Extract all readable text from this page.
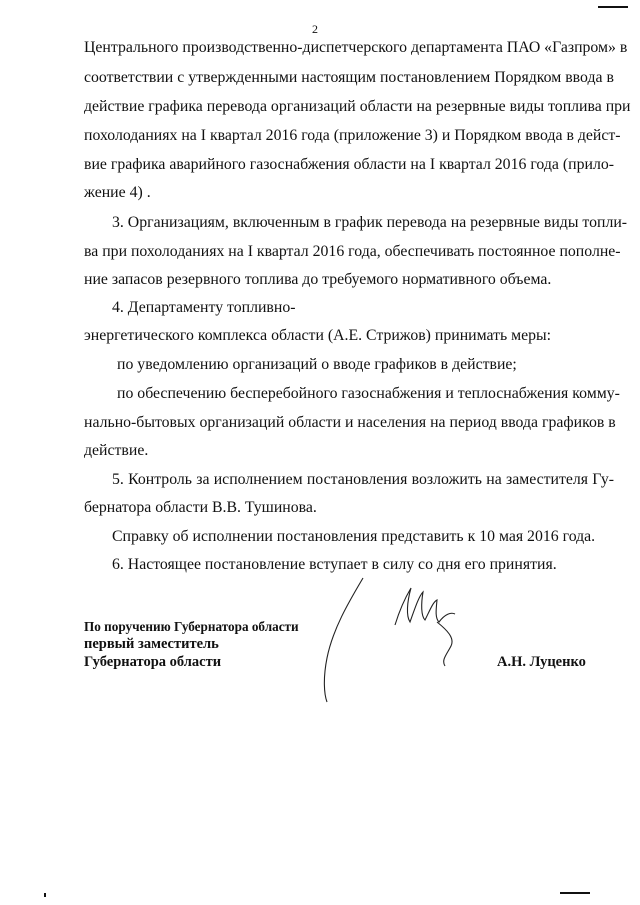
2
Центрального производственно-диспетчерского департамента ПАО «Газпром» в
соответствии с утвержденными настоящим постановлением Порядком ввода в
действие графика перевода организаций области на резервные виды топлива при
похолоданиях на I квартал 2016 года (приложение 3) и Порядком ввода в дейст-
вие графика аварийного газоснабжения области на I квартал 2016 года (прило-
жение 4) .
3. Организациям, включенным в график перевода на резервные виды топли-
ва при похолоданиях на I квартал 2016 года, обеспечивать постоянное пополне-
ние запасов резервного топлива до требуемого нормативного объема.
4. Департаменту топливно-
энергетического комплекса области (А.Е. Стрижов) принимать меры:
по уведомлению организаций о вводе графиков в действие;
по обеспечению бесперебойного газоснабжения и теплоснабжения комму-
нально-бытовых организаций области и населения на период ввода графиков в
действие.
5. Контроль за исполнением постановления возложить на заместителя Гу-
бернатора области В.В. Тушинова.
Справку об исполнении постановления представить к 10 мая 2016 года.
6. Настоящее постановление вступает в силу со дня его принятия.
По поручению Губернатора области
первый заместитель
Губернатора области	А.Н. Луценко
